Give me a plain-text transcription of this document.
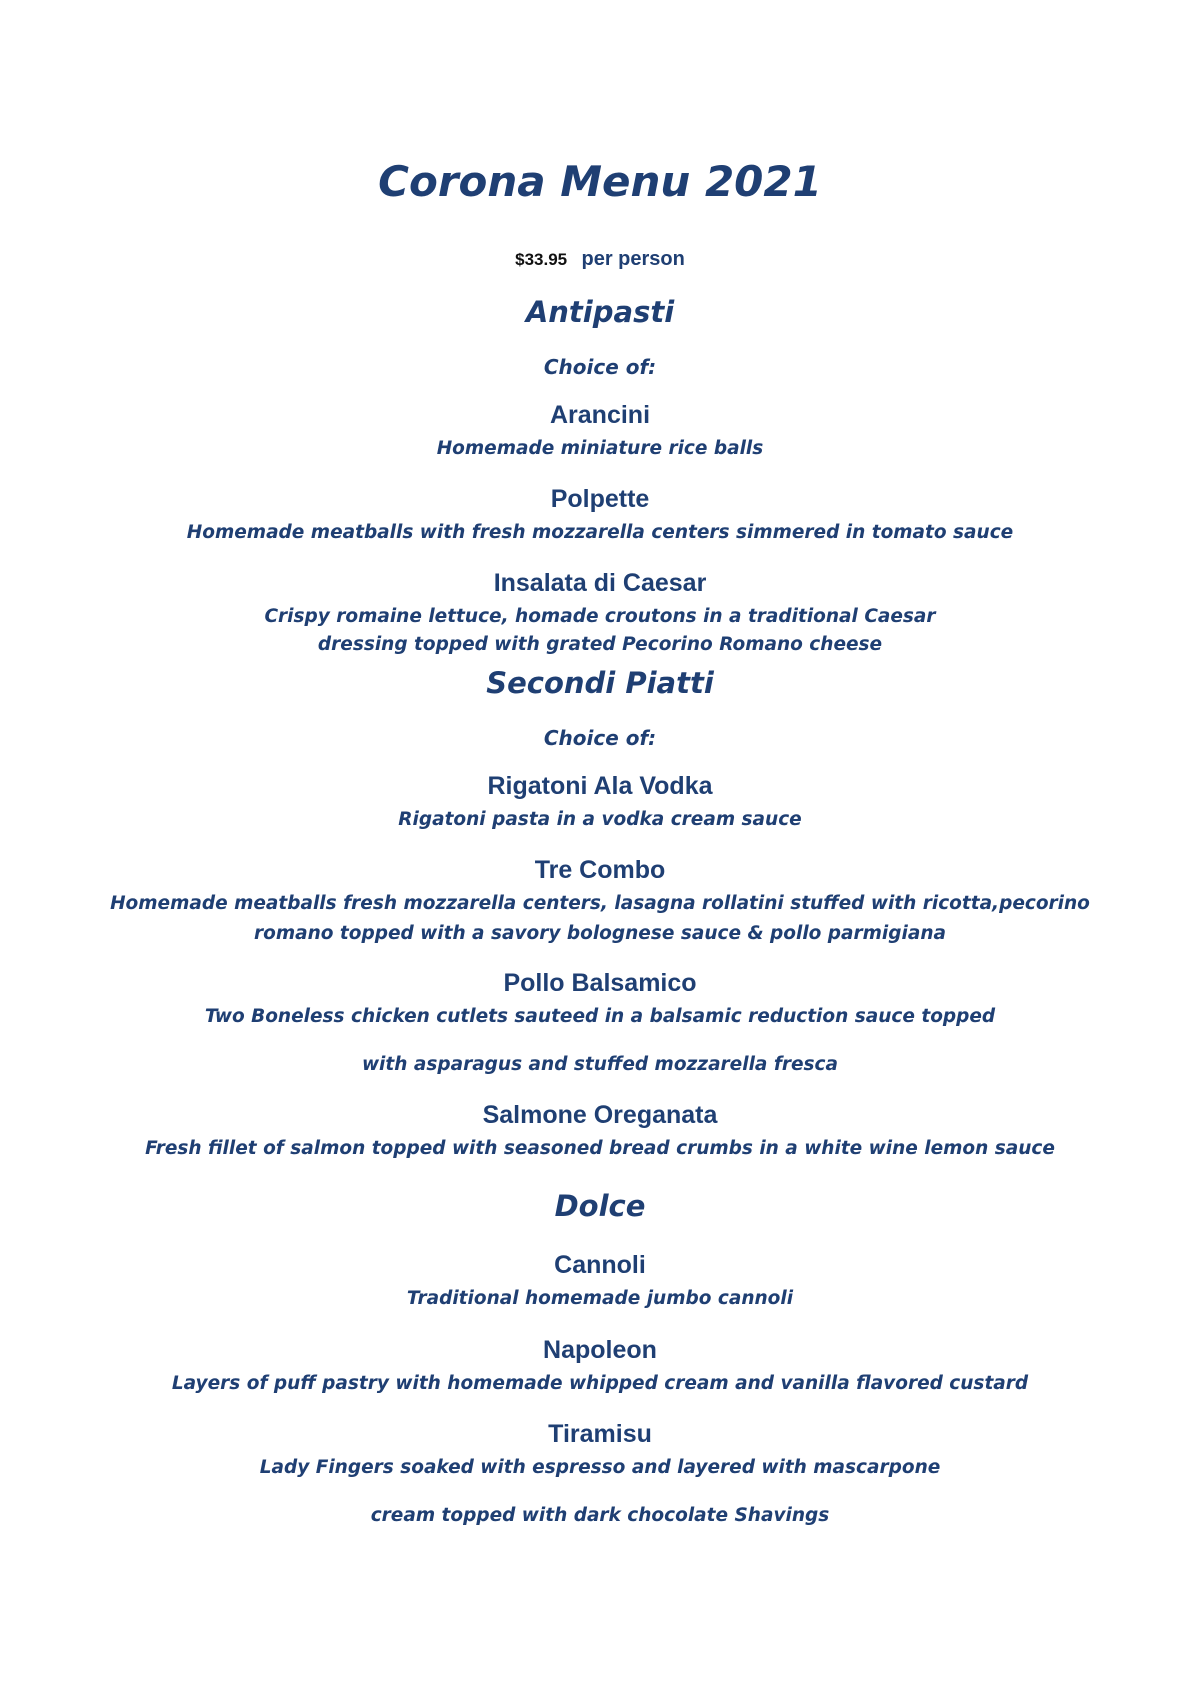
Corona Menu 2021
$33.95 per person
Antipasti
Choice of:
Arancini
Homemade miniature rice balls
Polpette
Homemade meatballs with fresh mozzarella centers simmered in tomato sauce
Insalata di Caesar
Crispy romaine lettuce, homade croutons in a traditional Caesar
dressing topped with grated Pecorino Romano cheese
Secondi Piatti
Choice of:
Rigatoni Ala Vodka
Rigatoni pasta in a vodka cream sauce
Tre Combo
Homemade meatballs fresh mozzarella centers, lasagna rollatini stuffed with ricotta,pecorino
romano topped with a savory bolognese sauce & pollo parmigiana
Pollo Balsamico
Two Boneless chicken cutlets sauteed in a balsamic reduction sauce topped
with asparagus and stuffed mozzarella fresca
Salmone Oreganata
Fresh fillet of salmon topped with seasoned bread crumbs in a white wine lemon sauce
Dolce
Cannoli
Traditional homemade jumbo cannoli
Napoleon
Layers of puff pastry with homemade whipped cream and vanilla flavored custard
Tiramisu
Lady Fingers soaked with espresso and layered with mascarpone
cream topped with dark chocolate Shavings
